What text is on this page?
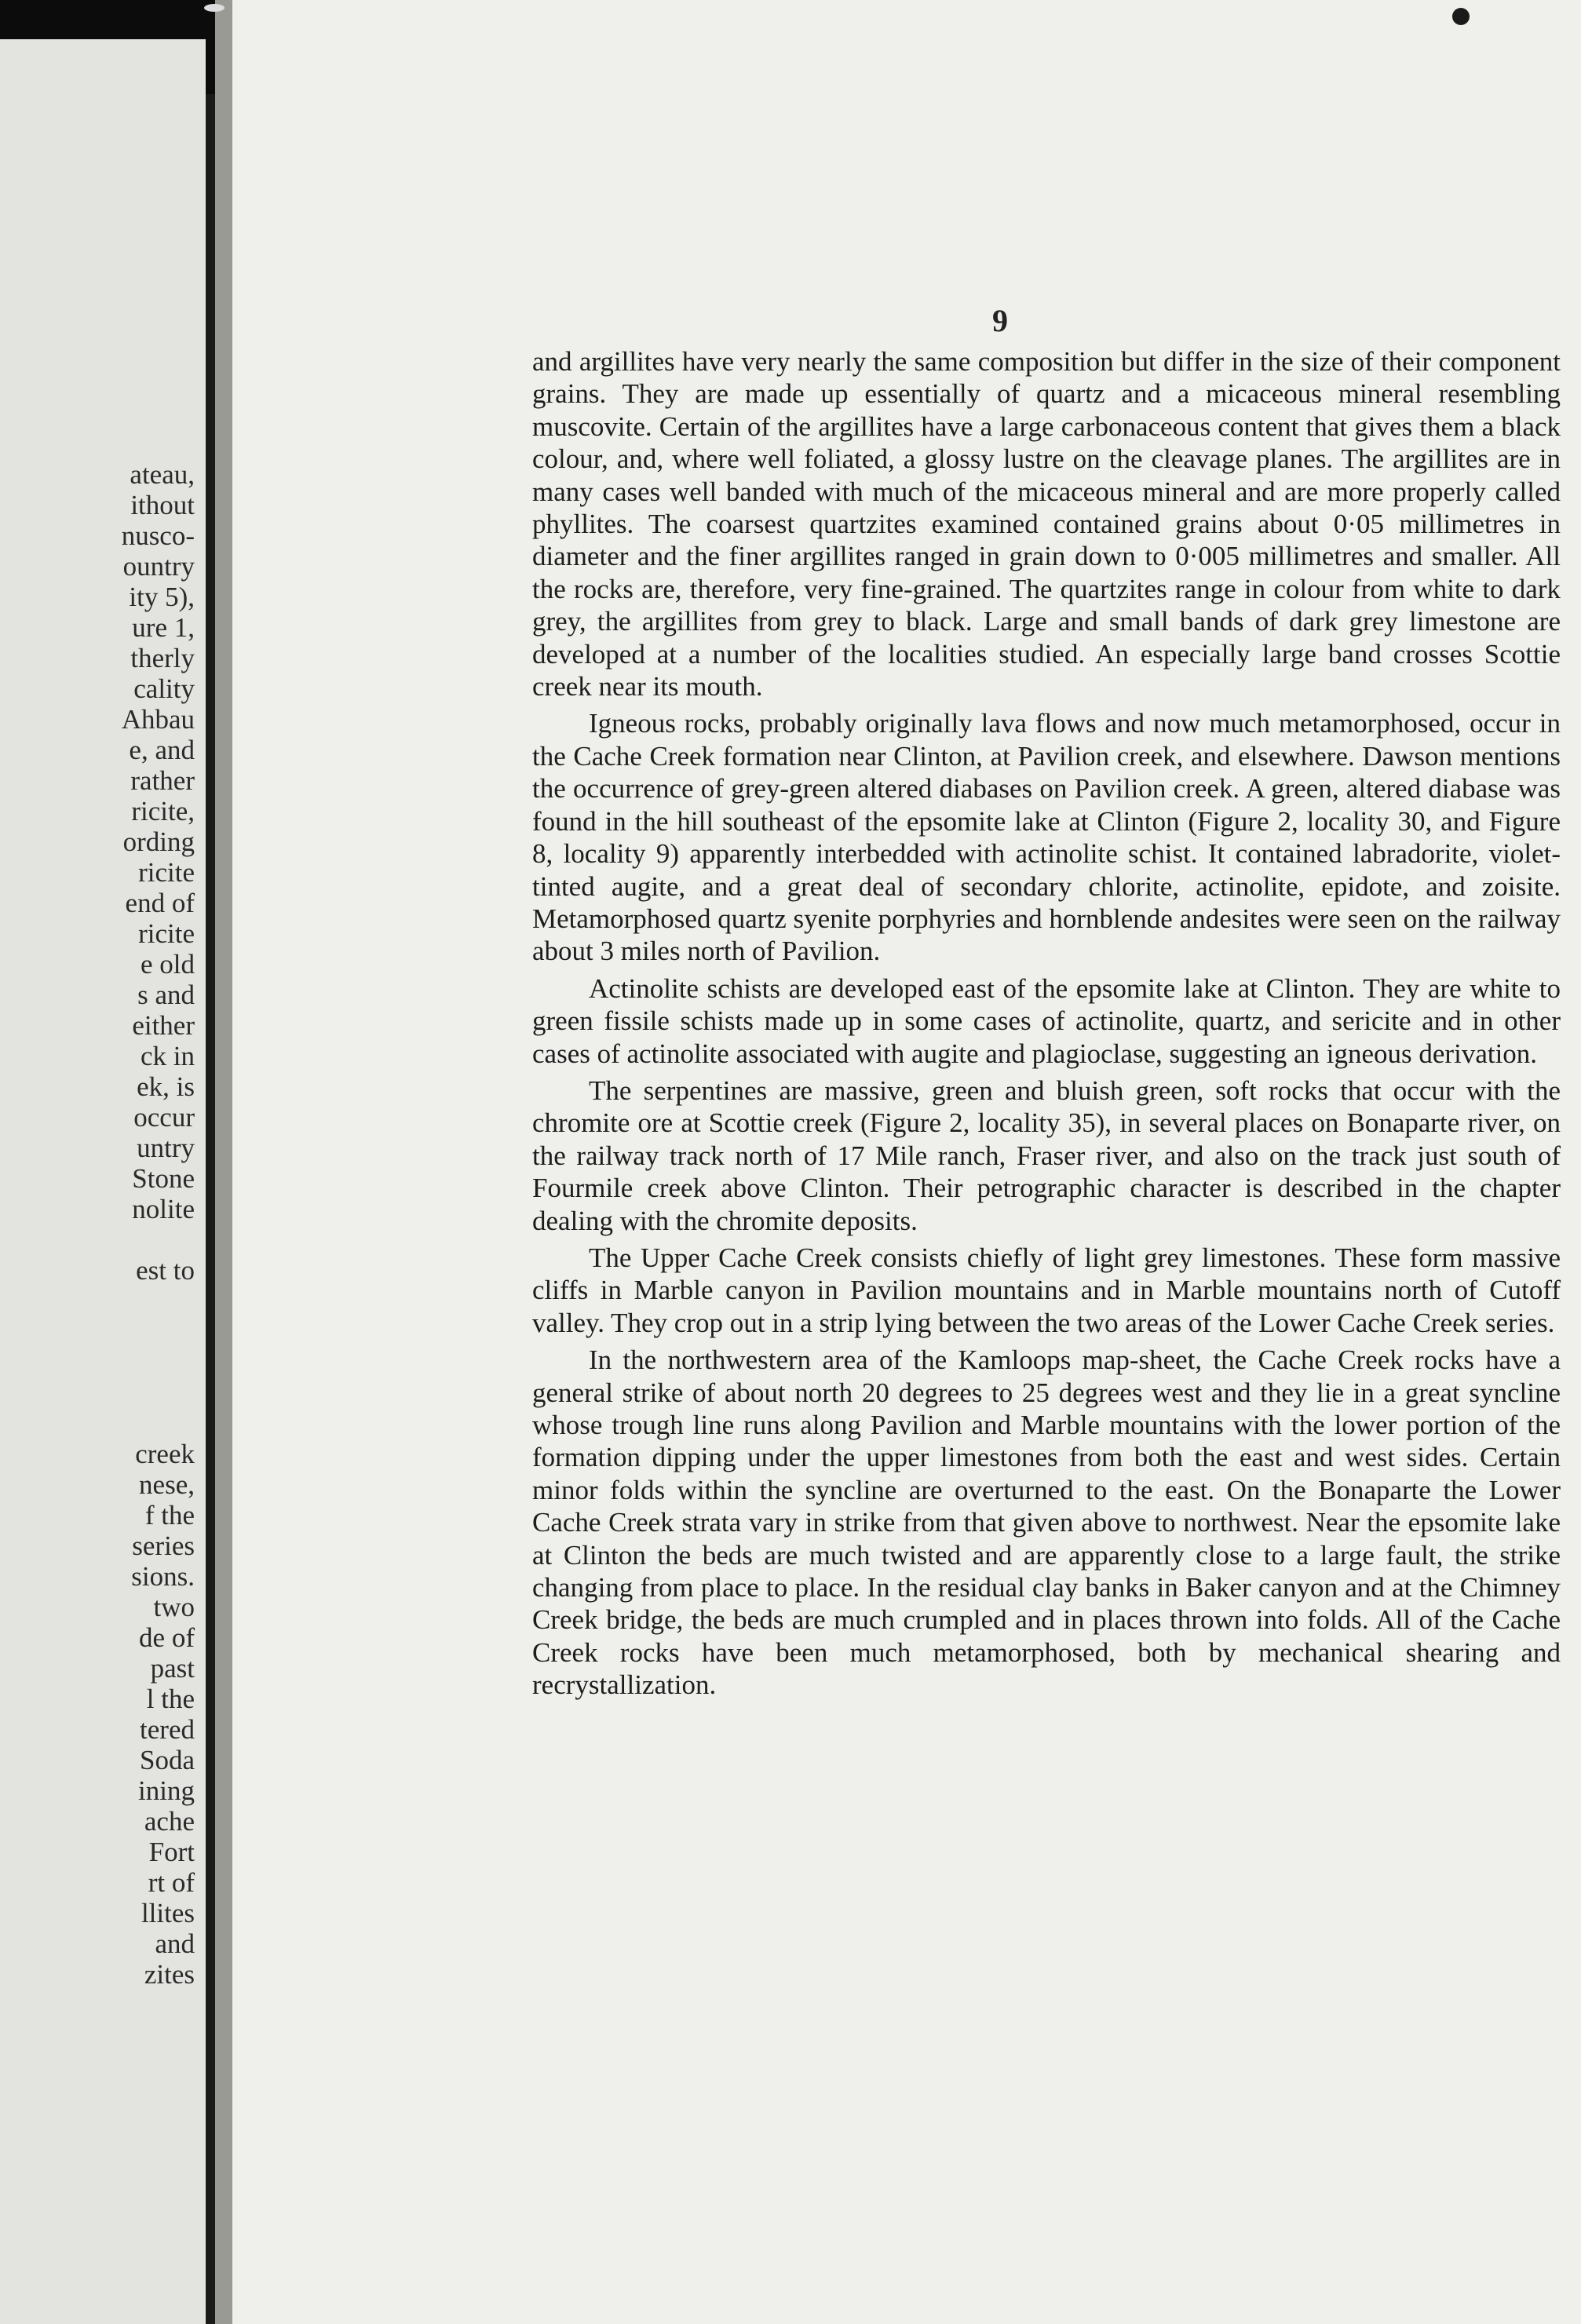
ateau,
ithout
nusco-
ountry
ity 5),
ure 1,
therly
cality
Ahbau
e, and
rather
ricite,
ording
ricite
end of
ricite
e old
s and
either
ck in
ek, is
occur
untry
Stone
nolite
est to
creek
nese,
f the
series
sions.
two
de of
past
l the
tered
Soda
ining
ache
Fort
rt of
llites
and
zites
9

and argillites have very nearly the same composition but differ in the size of their component grains. They are made up essentially of quartz and a micaceous mineral resembling muscovite. Certain of the argillites have a large carbonaceous content that gives them a black colour, and, where well foliated, a glossy lustre on the cleavage planes. The argillites are in many cases well banded with much of the micaceous mineral and are more properly called phyllites. The coarsest quartzites examined contained grains about 0·05 millimetres in diameter and the finer argillites ranged in grain down to 0·005 millimetres and smaller. All the rocks are, therefore, very fine-grained. The quartzites range in colour from white to dark grey, the argillites from grey to black. Large and small bands of dark grey limestone are developed at a number of the localities studied. An especially large band crosses Scottie creek near its mouth.

Igneous rocks, probably originally lava flows and now much metamorphosed, occur in the Cache Creek formation near Clinton, at Pavilion creek, and elsewhere. Dawson mentions the occurrence of grey-green altered diabases on Pavilion creek. A green, altered diabase was found in the hill southeast of the epsomite lake at Clinton (Figure 2, locality 30, and Figure 8, locality 9) apparently interbedded with actinolite schist. It contained labradorite, violet-tinted augite, and a great deal of secondary chlorite, actinolite, epidote, and zoisite. Metamorphosed quartz syenite porphyries and hornblende andesites were seen on the railway about 3 miles north of Pavilion.

Actinolite schists are developed east of the epsomite lake at Clinton. They are white to green fissile schists made up in some cases of actinolite, quartz, and sericite and in other cases of actinolite associated with augite and plagioclase, suggesting an igneous derivation.

The serpentines are massive, green and bluish green, soft rocks that occur with the chromite ore at Scottie creek (Figure 2, locality 35), in several places on Bonaparte river, on the railway track north of 17 Mile ranch, Fraser river, and also on the track just south of Fourmile creek above Clinton. Their petrographic character is described in the chapter dealing with the chromite deposits.

The Upper Cache Creek consists chiefly of light grey limestones. These form massive cliffs in Marble canyon in Pavilion mountains and in Marble mountains north of Cutoff valley. They crop out in a strip lying between the two areas of the Lower Cache Creek series.

In the northwestern area of the Kamloops map-sheet, the Cache Creek rocks have a general strike of about north 20 degrees to 25 degrees west and they lie in a great syncline whose trough line runs along Pavilion and Marble mountains with the lower portion of the formation dipping under the upper limestones from both the east and west sides. Certain minor folds within the syncline are overturned to the east. On the Bonaparte the Lower Cache Creek strata vary in strike from that given above to northwest. Near the epsomite lake at Clinton the beds are much twisted and are apparently close to a large fault, the strike changing from place to place. In the residual clay banks in Baker canyon and at the Chimney Creek bridge, the beds are much crumpled and in places thrown into folds. All of the Cache Creek rocks have been much metamorphosed, both by mechanical shearing and recrystallization.
